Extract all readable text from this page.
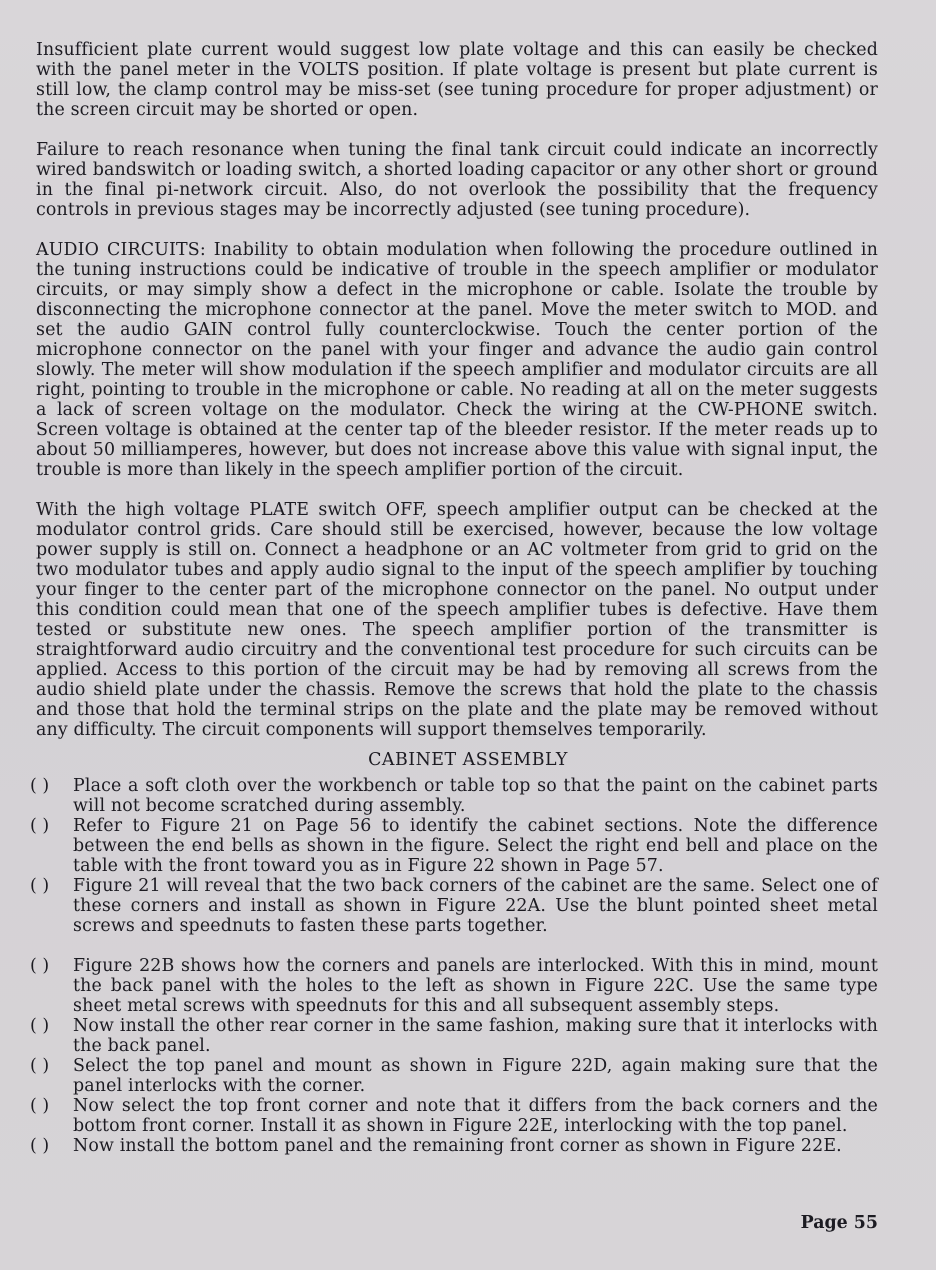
Insufficient plate current would suggest low plate voltage and this can easily be checked with the panel meter in the VOLTS position. If plate voltage is present but plate current is still low, the clamp control may be miss-set (see tuning procedure for proper adjustment) or the screen circuit may be shorted or open.

Failure to reach resonance when tuning the final tank circuit could indicate an incorrectly wired bandswitch or loading switch, a shorted loading capacitor or any other short or ground in the final pi-network circuit. Also, do not overlook the possibility that the frequency controls in previous stages may be incorrectly adjusted (see tuning procedure).

AUDIO CIRCUITS: Inability to obtain modulation when following the procedure outlined in the tuning instructions could be indicative of trouble in the speech amplifier or modulator circuits, or may simply show a defect in the microphone or cable. Isolate the trouble by disconnecting the microphone connector at the panel. Move the meter switch to MOD. and set the audio GAIN control fully counterclockwise. Touch the center portion of the microphone connector on the panel with your finger and advance the audio gain control slowly. The meter will show modulation if the speech amplifier and modulator circuits are all right, pointing to trouble in the microphone or cable. No reading at all on the meter suggests a lack of screen voltage on the modulator. Check the wiring at the CW-PHONE switch. Screen voltage is obtained at the center tap of the bleeder resistor. If the meter reads up to about 50 milliamperes, however, but does not increase above this value with signal input, the trouble is more than likely in the speech amplifier portion of the circuit.

With the high voltage PLATE switch OFF, speech amplifier output can be checked at the modulator control grids. Care should still be exercised, however, because the low voltage power supply is still on. Connect a headphone or an AC voltmeter from grid to grid on the two modulator tubes and apply audio signal to the input of the speech amplifier by touching your finger to the center part of the microphone connector on the panel. No output under this condition could mean that one of the speech amplifier tubes is defective. Have them tested or substitute new ones. The speech amplifier portion of the transmitter is straightforward audio circuitry and the conventional test procedure for such circuits can be applied. Access to this portion of the circuit may be had by removing all screws from the audio shield plate under the chassis. Remove the screws that hold the plate to the chassis and those that hold the terminal strips on the plate and the plate may be removed without any difficulty. The circuit components will support themselves temporarily.

CABINET ASSEMBLY
( )	Place a soft cloth over the workbench or table top so that the paint on the cabinet parts will not become scratched during assembly.
( )	Refer to Figure 21 on Page 56 to identify the cabinet sections. Note the difference between the end bells as shown in the figure. Select the right end bell and place on the table with the front toward you as in Figure 22 shown in Page 57.
( )	Figure 21 will reveal that the two back corners of the cabinet are the same. Select one of these corners and install as shown in Figure 22A. Use the blunt pointed sheet metal screws and speednuts to fasten these parts together.
( )	Figure 22B shows how the corners and panels are interlocked. With this in mind, mount the back panel with the holes to the left as shown in Figure 22C. Use the same type sheet metal screws with speednuts for this and all subsequent assembly steps.
( )	Now install the other rear corner in the same fashion, making sure that it interlocks with the back panel.
( )	Select the top panel and mount as shown in Figure 22D, again making sure that the panel interlocks with the corner.
( )	Now select the top front corner and note that it differs from the back corners and the bottom front corner. Install it as shown in Figure 22E, interlocking with the top panel.
( )	Now install the bottom panel and the remaining front corner as shown in Figure 22E.
Page 55
